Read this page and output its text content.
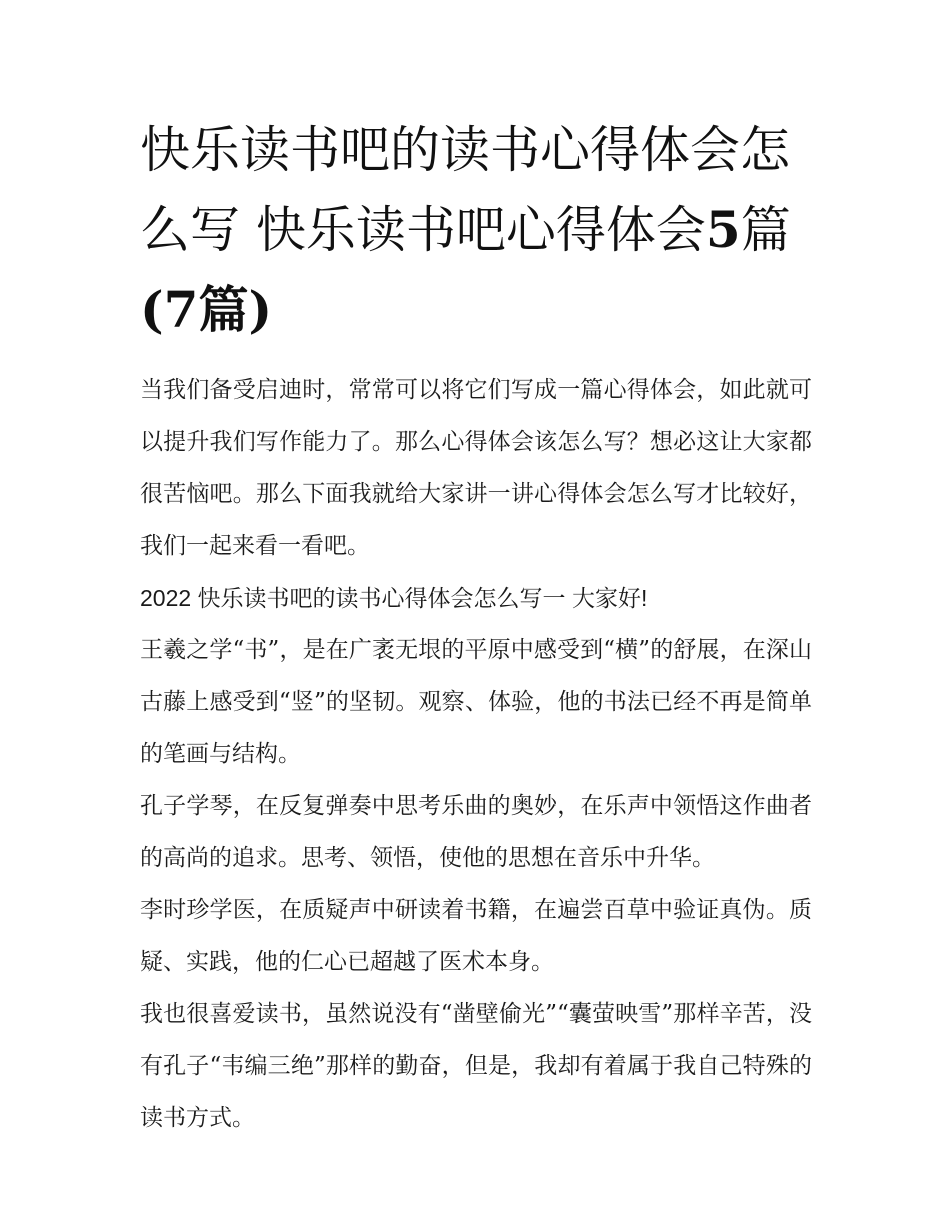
快乐读书吧的读书心得体会怎
么写 快乐读书吧心得体会5篇
(7篇)

当我们备受启迪时，常常可以将它们写成一篇心得体会，如此就可以提升我们写作能力了。那么心得体会该怎么写？想必这让大家都很苦恼吧。那么下面我就给大家讲一讲心得体会怎么写才比较好，我们一起来看一看吧。

2022 快乐读书吧的读书心得体会怎么写一 大家好!

王羲之学“书”，是在广袤无垠的平原中感受到“横”的舒展，在深山古藤上感受到“竖”的坚韧。观察、体验，他的书法已经不再是简单的笔画与结构。

孔子学琴，在反复弹奏中思考乐曲的奥妙，在乐声中领悟这作曲者的高尚的追求。思考、领悟，使他的思想在音乐中升华。

李时珍学医，在质疑声中研读着书籍，在遍尝百草中验证真伪。质疑、实践，他的仁心已超越了医术本身。

我也很喜爱读书，虽然说没有“凿壁偷光”“囊萤映雪”那样辛苦，没有孔子“韦编三绝”那样的勤奋，但是，我却有着属于我自己特殊的读书方式。
